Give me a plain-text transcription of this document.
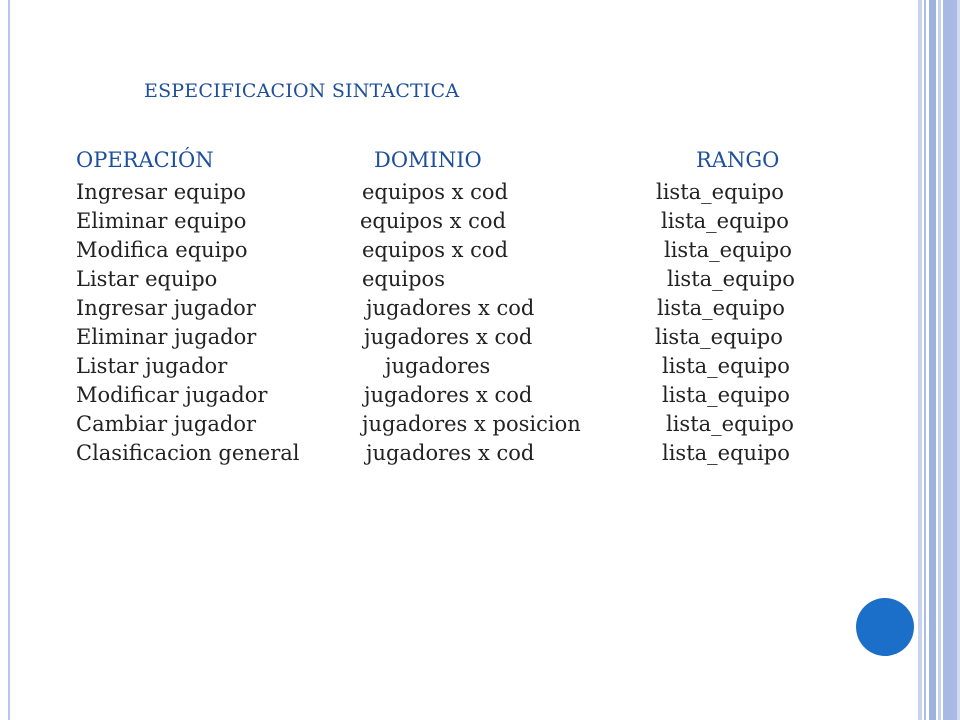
ESPECIFICACION SINTACTICA
OPERACIÓN	DOMINIO	RANGO
Ingresar equipo	equipos x cod	lista_equipo
Eliminar equipo	equipos x cod	lista_equipo
Modifica equipo	equipos x cod	lista_equipo
Listar equipo	equipos	lista_equipo
Ingresar jugador	jugadores x cod	lista_equipo
Eliminar jugador	jugadores x cod	lista_equipo
Listar jugador	jugadores	lista_equipo
Modificar jugador	jugadores x cod	lista_equipo
Cambiar jugador	jugadores x posicion	lista_equipo
Clasificacion general	jugadores x cod	lista_equipo
